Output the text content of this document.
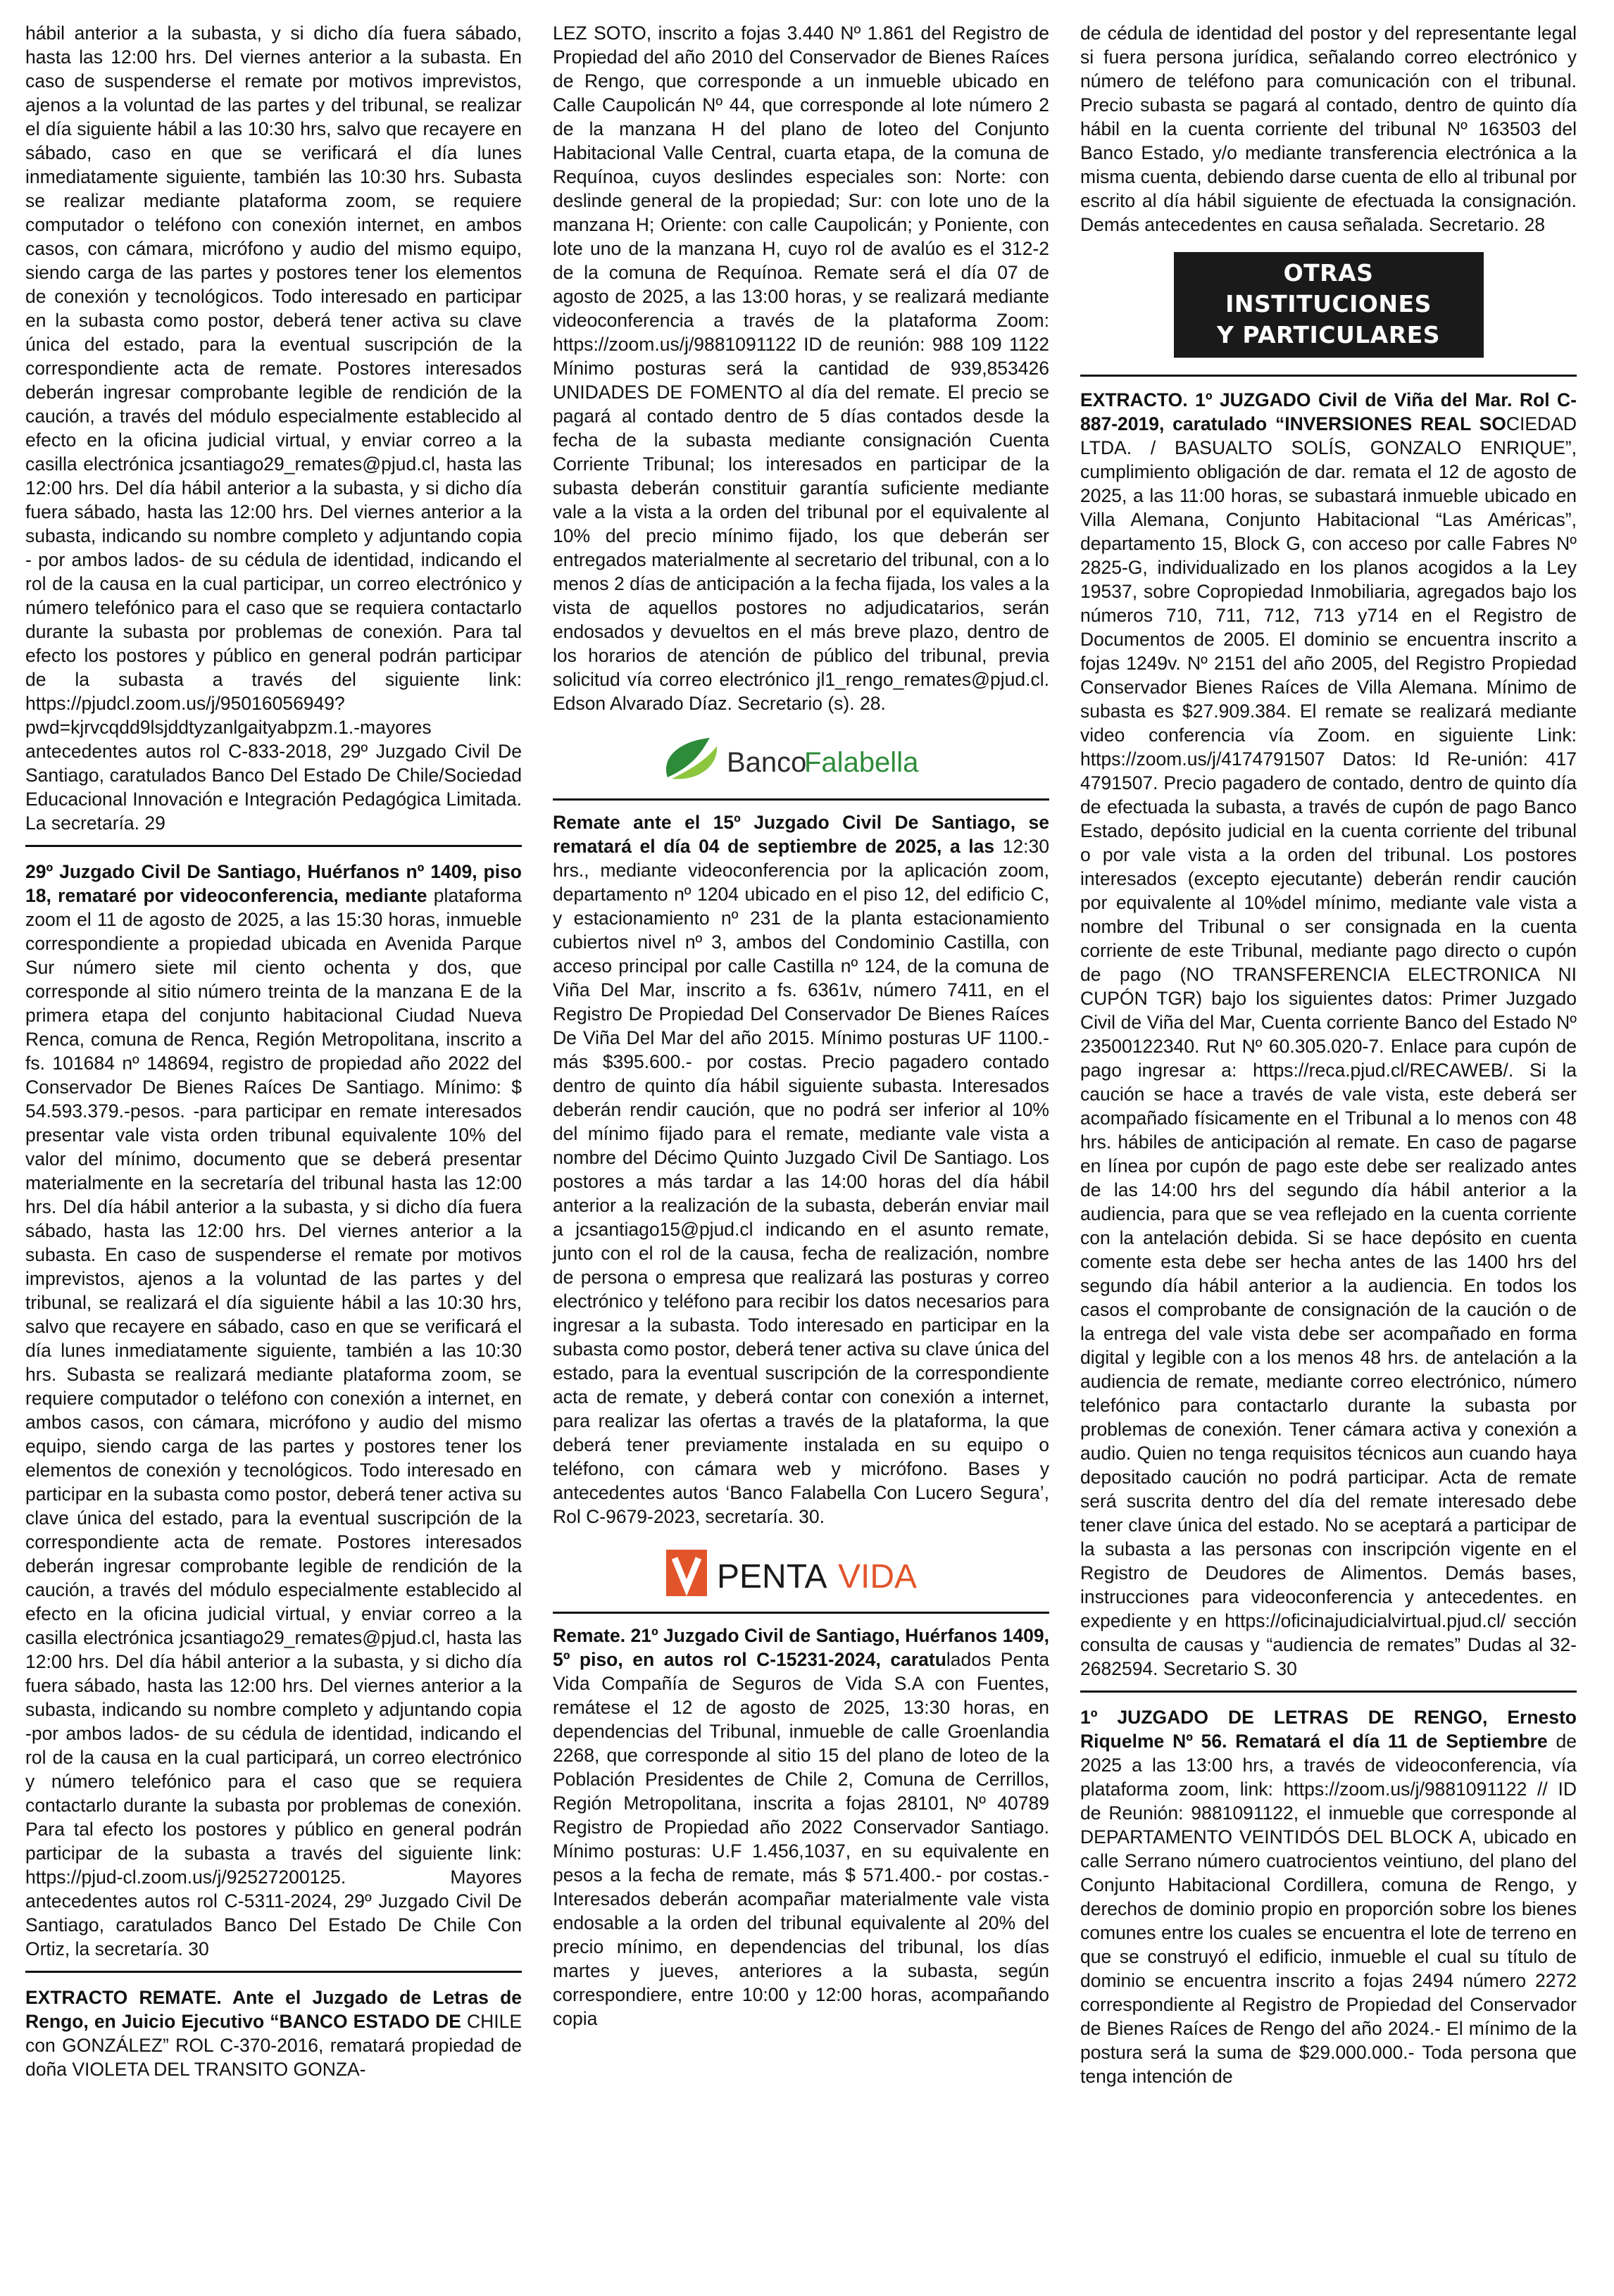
hábil anterior a la subasta, y si dicho día fuera sábado, hasta las 12:00 hrs. Del viernes anterior a la subasta. En caso de suspenderse el remate por motivos imprevistos, ajenos a la voluntad de las partes y del tribunal, se realizar el día siguiente hábil a las 10:30 hrs, salvo que recayere en sábado, caso en que se verificará el día lunes inmediatamente siguiente, también las 10:30 hrs. Subasta se realizar mediante plataforma zoom, se requiere computador o teléfono con conexión internet, en ambos casos, con cámara, micrófono y audio del mismo equipo, siendo carga de las partes y postores tener los elementos de conexión y tecnológicos. Todo interesado en participar en la subasta como postor, deberá tener activa su clave única del estado, para la eventual suscripción de la correspondiente acta de remate. Postores interesados deberán ingresar comprobante legible de rendición de la caución, a través del módulo especialmente establecido al efecto en la oficina judicial virtual, y enviar correo a la casilla electrónica jcsantiago29_remates@pjud.cl, hasta las 12:00 hrs. Del día hábil anterior a la subasta, y si dicho día fuera sábado, hasta las 12:00 hrs. Del viernes anterior a la subasta, indicando su nombre completo y adjuntando copia - por ambos lados- de su cédula de identidad, indicando el rol de la causa en la cual participar, un correo electrónico y número telefónico para el caso que se requiera contactarlo durante la subasta por problemas de conexión. Para tal efecto los postores y público en general podrán participar de la subasta a través del siguiente link: https://pjudcl.zoom.us/j/95016056949?pwd=kjrvcqdd9lsjddtyzanlgaityabpzm.1.-mayores antecedentes autos rol C-833-2018, 29º Juzgado Civil De Santiago, caratulados Banco Del Estado De Chile/Sociedad Educacional Innovación e Integración Pedagógica Limitada. La secretaría. 29

29º Juzgado Civil De Santiago, Huérfanos nº 1409, piso 18, remataré por videoconferencia, mediante plataforma zoom el 11 de agosto de 2025, a las 15:30 horas, inmueble correspondiente a propiedad ubicada en Avenida Parque Sur número siete mil ciento ochenta y dos, que corresponde al sitio número treinta de la manzana E de la primera etapa del conjunto habitacional Ciudad Nueva Renca, comuna de Renca, Región Metropolitana, inscrito a fs. 101684 nº 148694, registro de propiedad año 2022 del Conservador De Bienes Raíces De Santiago. Mínimo: $ 54.593.379.-pesos. -para participar en remate interesados presentar vale vista orden tribunal equivalente 10% del valor del mínimo, documento que se deberá presentar materialmente en la secretaría del tribunal hasta las 12:00 hrs. Del día hábil anterior a la subasta, y si dicho día fuera sábado, hasta las 12:00 hrs. Del viernes anterior a la subasta. En caso de suspenderse el remate por motivos imprevistos, ajenos a la voluntad de las partes y del tribunal, se realizará el día siguiente hábil a las 10:30 hrs, salvo que recayere en sábado, caso en que se verificará el día lunes inmediatamente siguiente, también a las 10:30 hrs. Subasta se realizará mediante plataforma zoom, se requiere computador o teléfono con conexión a internet, en ambos casos, con cámara, micrófono y audio del mismo equipo, siendo carga de las partes y postores tener los elementos de conexión y tecnológicos. Todo interesado en participar en la subasta como postor, deberá tener activa su clave única del estado, para la eventual suscripción de la correspondiente acta de remate. Postores interesados deberán ingresar comprobante legible de rendición de la caución, a través del módulo especialmente establecido al efecto en la oficina judicial virtual, y enviar correo a la casilla electrónica jcsantiago29_remates@pjud.cl, hasta las 12:00 hrs. Del día hábil anterior a la subasta, y si dicho día fuera sábado, hasta las 12:00 hrs. Del viernes anterior a la subasta, indicando su nombre completo y adjuntando copia -por ambos lados- de su cédula de identidad, indicando el rol de la causa en la cual participará, un correo electrónico y número telefónico para el caso que se requiera contactarlo durante la subasta por problemas de conexión. Para tal efecto los postores y público en general podrán participar de la subasta a través del siguiente link: https://pjud-cl.zoom.us/j/92527200125. Mayores antecedentes autos rol C-5311-2024, 29º Juzgado Civil De Santiago, caratulados Banco Del Estado De Chile Con Ortiz, la secretaría. 30

EXTRACTO REMATE. Ante el Juzgado de Letras de Rengo, en Juicio Ejecutivo “BANCO ESTADO DE CHILE con GONZÁLEZ” ROL C-370-2016, rematará propiedad de doña VIOLETA DEL TRANSITO GONZA-

LEZ SOTO, inscrito a fojas 3.440 Nº 1.861 del Registro de Propiedad del año 2010 del Conservador de Bienes Raíces de Rengo, que corresponde a un inmueble ubicado en Calle Caupolicán Nº 44, que corresponde al lote número 2 de la manzana H del plano de loteo del Conjunto Habitacional Valle Central, cuarta etapa, de la comuna de Requínoa, cuyos deslindes especiales son: Norte: con deslinde general de la propiedad; Sur: con lote uno de la manzana H; Oriente: con calle Caupolicán; y Poniente, con lote uno de la manzana H, cuyo rol de avalúo es el 312-2 de la comuna de Requínoa. Remate será el día 07 de agosto de 2025, a las 13:00 horas, y se realizará mediante videoconferencia a través de la plataforma Zoom: https://zoom.us/j/9881091122 ID de reunión: 988 109 1122 Mínimo posturas será la cantidad de 939,853426 UNIDADES DE FOMENTO al día del remate. El precio se pagará al contado dentro de 5 días contados desde la fecha de la subasta mediante consignación Cuenta Corriente Tribunal; los interesados en participar de la subasta deberán constituir garantía suficiente mediante vale a la vista a la orden del tribunal por el equivalente al 10% del precio mínimo fijado, los que deberán ser entregados materialmente al secretario del tribunal, con a lo menos 2 días de anticipación a la fecha fijada, los vales a la vista de aquellos postores no adjudicatarios, serán endosados y devueltos en el más breve plazo, dentro de los horarios de atención de público del tribunal, previa solicitud vía correo electrónico jl1_rengo_remates@pjud.cl. Edson Alvarado Díaz. Secretario (s). 28.

Banco
Falabella

Remate ante el 15º Juzgado Civil De Santiago, se rematará el día 04 de septiembre de 2025, a las 12:30 hrs., mediante videoconferencia por la aplicación zoom, departamento nº 1204 ubicado en el piso 12, del edificio C, y estacionamiento nº 231 de la planta estacionamiento cubiertos nivel nº 3, ambos del Condominio Castilla, con acceso principal por calle Castilla nº 124, de la comuna de Viña Del Mar, inscrito a fs. 6361v, número 7411, en el Registro De Propiedad Del Conservador De Bienes Raíces De Viña Del Mar del año 2015. Mínimo posturas UF 1100.- más $395.600.- por costas. Precio pagadero contado dentro de quinto día hábil siguiente subasta. Interesados deberán rendir caución, que no podrá ser inferior al 10% del mínimo fijado para el remate, mediante vale vista a nombre del Décimo Quinto Juzgado Civil De Santiago. Los postores a más tardar a las 14:00 horas del día hábil anterior a la realización de la subasta, deberán enviar mail a jcsantiago15@pjud.cl indicando en el asunto remate, junto con el rol de la causa, fecha de realización, nombre de persona o empresa que realizará las posturas y correo electrónico y teléfono para recibir los datos necesarios para ingresar a la subasta. Todo interesado en participar en la subasta como postor, deberá tener activa su clave única del estado, para la eventual suscripción de la correspondiente acta de remate, y deberá contar con conexión a internet, para realizar las ofertas a través de la plataforma, la que deberá tener previamente instalada en su equipo o teléfono, con cámara web y micrófono. Bases y antecedentes autos ‘Banco Falabella Con Lucero Segura’, Rol C-9679-2023, secretaría. 30.

PENTA VIDA

Remate. 21º Juzgado Civil de Santiago, Huérfanos 1409, 5º piso, en autos rol C-15231-2024, caratulados Penta Vida Compañía de Seguros de Vida S.A con Fuentes, remátese el 12 de agosto de 2025, 13:30 horas, en dependencias del Tribunal, inmueble de calle Groenlandia 2268, que corresponde al sitio 15 del plano de loteo de la Población Presidentes de Chile 2, Comuna de Cerrillos, Región Metropolitana, inscrita a fojas 28101, Nº 40789 Registro de Propiedad año 2022 Conservador Santiago. Mínimo posturas: U.F 1.456,1037, en su equivalente en pesos a la fecha de remate, más $ 571.400.- por costas.- Interesados deberán acompañar materialmente vale vista endosable a la orden del tribunal equivalente al 20% del precio mínimo, en dependencias del tribunal, los días martes y jueves, anteriores a la subasta, según correspondiere, entre 10:00 y 12:00 horas, acompañando copia

de cédula de identidad del postor y del representante legal si fuera persona jurídica, señalando correo electrónico y número de teléfono para comunicación con el tribunal. Precio subasta se pagará al contado, dentro de quinto día hábil en la cuenta corriente del tribunal Nº 163503 del Banco Estado, y/o mediante transferencia electrónica a la misma cuenta, debiendo darse cuenta de ello al tribunal por escrito al día hábil siguiente de efectuada la consignación. Demás antecedentes en causa señalada. Secretario. 28

OTRAS INSTITUCIONES
Y PARTICULARES

EXTRACTO. 1º JUZGADO Civil de Viña del Mar. Rol C-887-2019, caratulado “INVERSIONES REAL SOCIEDAD LTDA. / BASUALTO SOLÍS, GONZALO ENRIQUE”, cumplimiento obligación de dar. remata el 12 de agosto de 2025, a las 11:00 horas, se subastará inmueble ubicado en Villa Alemana, Conjunto Habitacional “Las Américas”, departamento 15, Block G, con acceso por calle Fabres Nº 2825-G, individualizado en los planos acogidos a la Ley 19537, sobre Copropiedad Inmobiliaria, agregados bajo los números 710, 711, 712, 713 y714 en el Registro de Documentos de 2005. El dominio se encuentra inscrito a fojas 1249v. Nº 2151 del año 2005, del Registro Propiedad Conservador Bienes Raíces de Villa Alemana. Mínimo de subasta es $27.909.384. El remate se realizará mediante video conferencia vía Zoom. en siguiente Link: https://zoom.us/j/4174791507 Datos: Id Re-unión: 417 4791507. Precio pagadero de contado, dentro de quinto día de efectuada la subasta, a través de cupón de pago Banco Estado, depósito judicial en la cuenta corriente del tribunal o por vale vista a la orden del tribunal. Los postores interesados (excepto ejecutante) deberán rendir caución por equivalente al 10%del mínimo, mediante vale vista a nombre del Tribunal o ser consignada en la cuenta corriente de este Tribunal, mediante pago directo o cupón de pago (NO TRANSFERENCIA ELECTRONICA NI CUPÓN TGR) bajo los siguientes datos: Primer Juzgado Civil de Viña del Mar, Cuenta corriente Banco del Estado Nº 23500122340. Rut Nº 60.305.020-7. Enlace para cupón de pago ingresar a: https://reca.pjud.cl/RECAWEB/. Si la caución se hace a través de vale vista, este deberá ser acompañado físicamente en el Tribunal a lo menos con 48 hrs. hábiles de anticipación al remate. En caso de pagarse en línea por cupón de pago este debe ser realizado antes de las 14:00 hrs del segundo día hábil anterior a la audiencia, para que se vea reflejado en la cuenta corriente con la antelación debida. Si se hace depósito en cuenta comente esta debe ser hecha antes de las 1400 hrs del segundo día hábil anterior a la audiencia. En todos los casos el comprobante de consignación de la caución o de la entrega del vale vista debe ser acompañado en forma digital y legible con a los menos 48 hrs. de antelación a la audiencia de remate, mediante correo electrónico, número telefónico para contactarlo durante la subasta por problemas de conexión. Tener cámara activa y conexión a audio. Quien no tenga requisitos técnicos aun cuando haya depositado caución no podrá participar. Acta de remate será suscrita dentro del día del remate interesado debe tener clave única del estado. No se aceptará a participar de la subasta a las personas con inscripción vigente en el Registro de Deudores de Alimentos. Demás bases, instrucciones para videoconferencia y antecedentes. en expediente y en https://oficinajudicialvirtual.pjud.cl/ sección consulta de causas y “audiencia de remates” Dudas al 32-2682594. Secretario S. 30

1º JUZGADO DE LETRAS DE RENGO, Ernesto Riquelme Nº 56. Rematará el día 11 de Septiembre de 2025 a las 13:00 hrs, a través de videoconferencia, vía plataforma zoom, link: https://zoom.us/j/9881091122 // ID de Reunión: 9881091122, el inmueble que corresponde al DEPARTAMENTO VEINTIDÓS DEL BLOCK A, ubicado en calle Serrano número cuatrocientos veintiuno, del plano del Conjunto Habitacional Cordillera, comuna de Rengo, y derechos de dominio propio en proporción sobre los bienes comunes entre los cuales se encuentra el lote de terreno en que se construyó el edificio, inmueble el cual su título de dominio se encuentra inscrito a fojas 2494 número 2272 correspondiente al Registro de Propiedad del Conservador de Bienes Raíces de Rengo del año 2024.- El mínimo de la postura será la suma de $29.000.000.- Toda persona que tenga intención de
